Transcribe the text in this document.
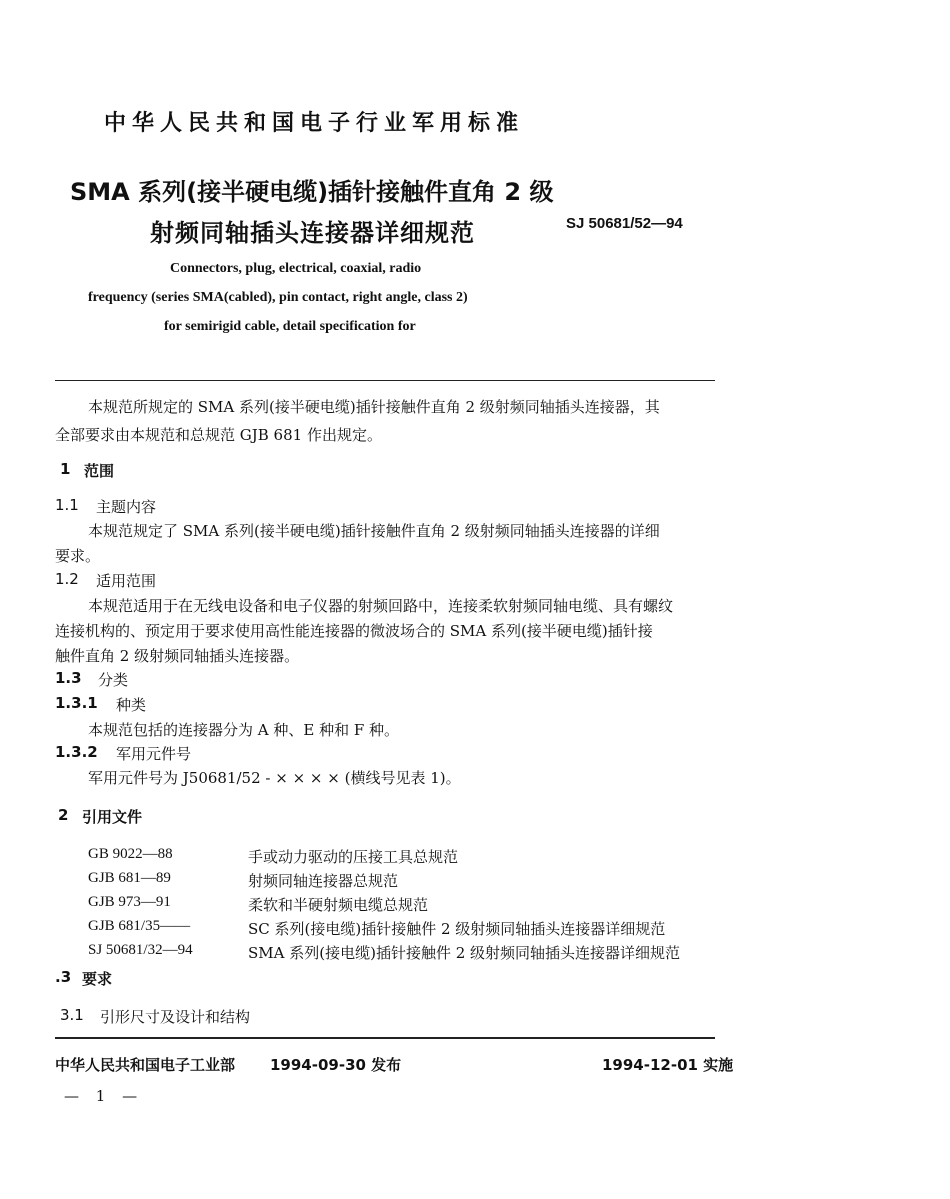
中华人民共和国电子行业军用标准
SMA 系列(接半硬电缆)插针接触件直角 2 级
射频同轴插头连接器详细规范	SJ 50681/52—94
Connectors, plug, electrical, coaxial, radio
frequency (series SMA(cabled), pin contact, right angle, class 2)
for semirigid cable, detail specification for
本规范所规定的 SMA 系列(接半硬电缆)插针接触件直角 2 级射频同轴插头连接器，其
全部要求由本规范和总规范 GJB 681 作出规定。
1 范围
1.1 主题内容
本规范规定了 SMA 系列(接半硬电缆)插针接触件直角 2 级射频同轴插头连接器的详细
要求。
1.2 适用范围
本规范适用于在无线电设备和电子仪器的射频回路中，连接柔软射频同轴电缆、具有螺纹
连接机构的、预定用于要求使用高性能连接器的微波场合的 SMA 系列(接半硬电缆)插针接
触件直角 2 级射频同轴插头连接器。
1.3 分类
1.3.1 种类
本规范包括的连接器分为 A 种、E 种和 F 种。
1.3.2 军用元件号
军用元件号为 J50681/52 - × × × × (横线号见表 1)。
2 引用文件
GB 9022—88	手或动力驱动的压接工具总规范
GJB 681—89	射频同轴连接器总规范
GJB 973—91	柔软和半硬射频电缆总规范
GJB 681/35——	SC 系列(接电缆)插针接触件 2 级射频同轴插头连接器详细规范
SJ 50681/32—94	SMA 系列(接电缆)插针接触件 2 级射频同轴插头连接器详细规范
.3 要求
3.1 引形尺寸及设计和结构
中华人民共和国电子工业部 1994-09-30 发布	1994-12-01 实施
— 1 —
